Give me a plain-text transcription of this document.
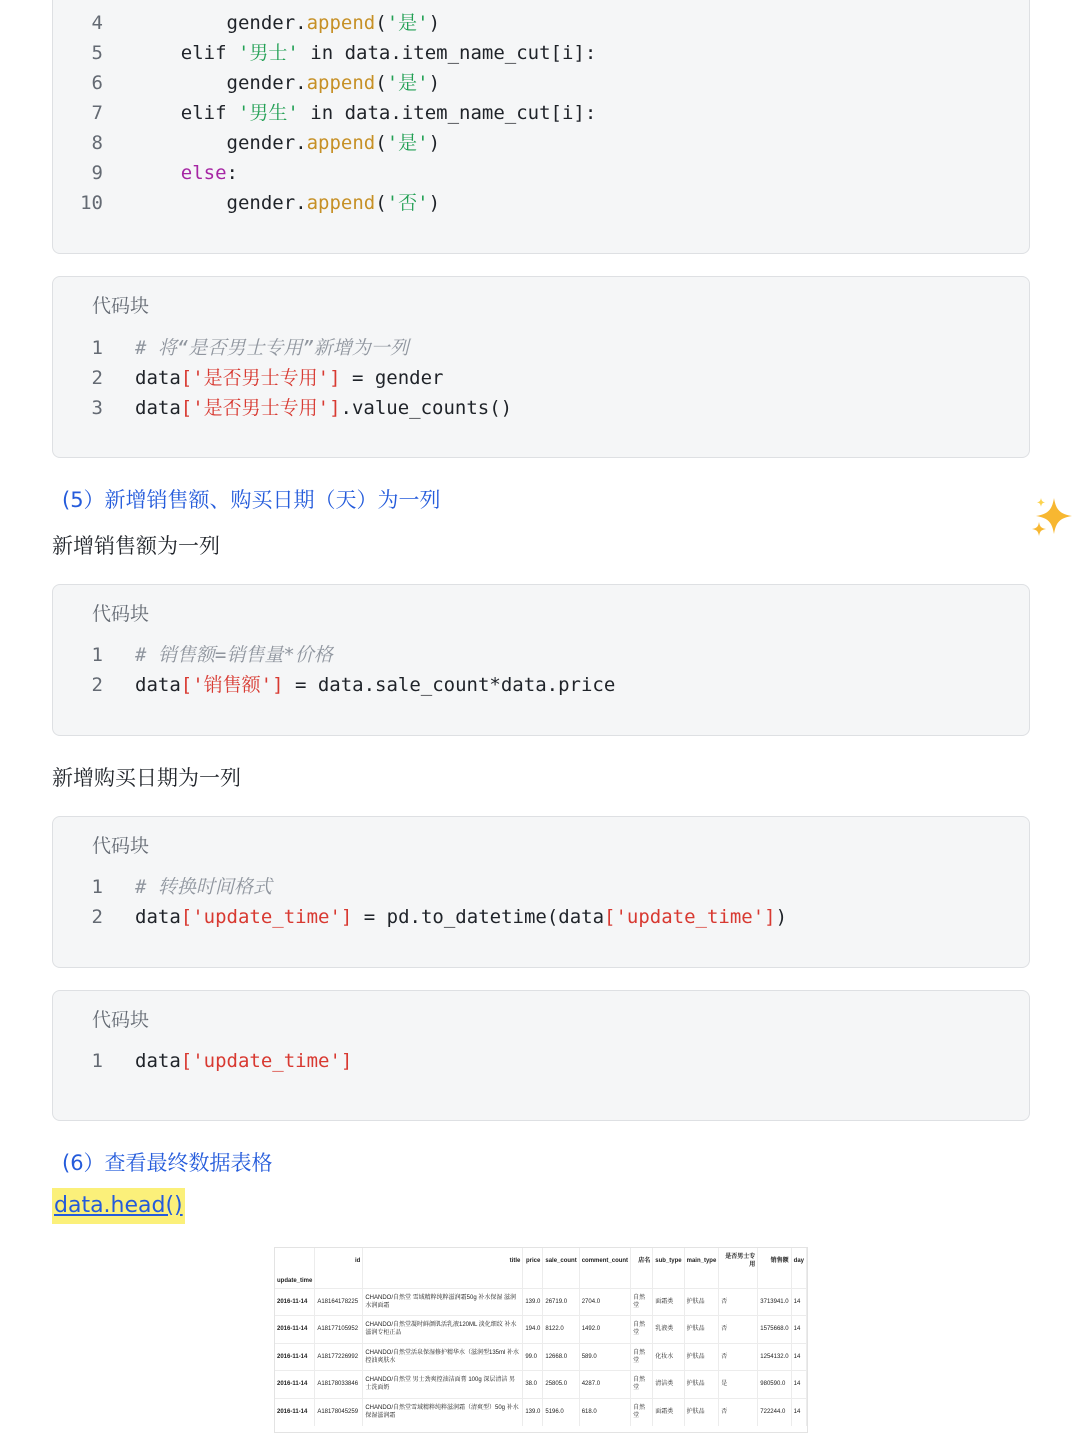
4	gender.append('是')
5	elif '男士' in data.item_name_cut[i]:
6	gender.append('是')
7	elif '男生' in data.item_name_cut[i]:
8	gender.append('是')
9	else:
10	gender.append('否')
代码块
1 # 将“是否男士专用”新增为一列
2 data['是否男士专用'] = gender
3 data['是否男士专用'].value_counts()
(5）新增销售额、购买日期（天）为一列
新增销售额为一列
代码块
1 # 销售额=销售量*价格
2 data['销售额'] = data.sale_count*data.price
新增购买日期为一列
代码块
1 # 转换时间格式
2 data['update_time'] = pd.to_datetime(data['update_time'])
代码块
1 data['update_time']
(6）查看最终数据表格
data.head()
	id	title	price	sale_count	comment_count	店名	sub_type	main_type	是否男士专用	销售额	day
update_time											
2016-11-14	A18164178225	CHANDO/自然堂 雪域精粹纯粹滋润霜50g 补水保湿 滋润水润面霜	139.0	26719.0	2704.0	自然堂	面霜类	护肤品	否	3713941.0	14
2016-11-14	A18177105952	CHANDO/自然堂凝时鲜颜肌活乳液120ML 淡化细纹 补水滋润专柜正品	194.0	8122.0	1492.0	自然堂	乳液类	护肤品	否	1575668.0	14
2016-11-14	A18177226992	CHANDO/自然堂活泉保湿修护精华水（滋润型135ml 补水控油爽肤水	99.0	12668.0	589.0	自然堂	化妆水	护肤品	否	1254132.0	14
2016-11-14	A18178033846	CHANDO/自然堂 男士劲爽控油洁面膏 100g 深层清洁 男士洗面奶	38.0	25805.0	4287.0	自然堂	清洁类	护肤品	是	980590.0	14
2016-11-14	A18178045259	CHANDO/自然堂雪域精粹纯粹滋润霜（清爽型）50g 补水保湿滋润霜	139.0	5196.0	618.0	自然堂	面霜类	护肤品	否	722244.0	14
